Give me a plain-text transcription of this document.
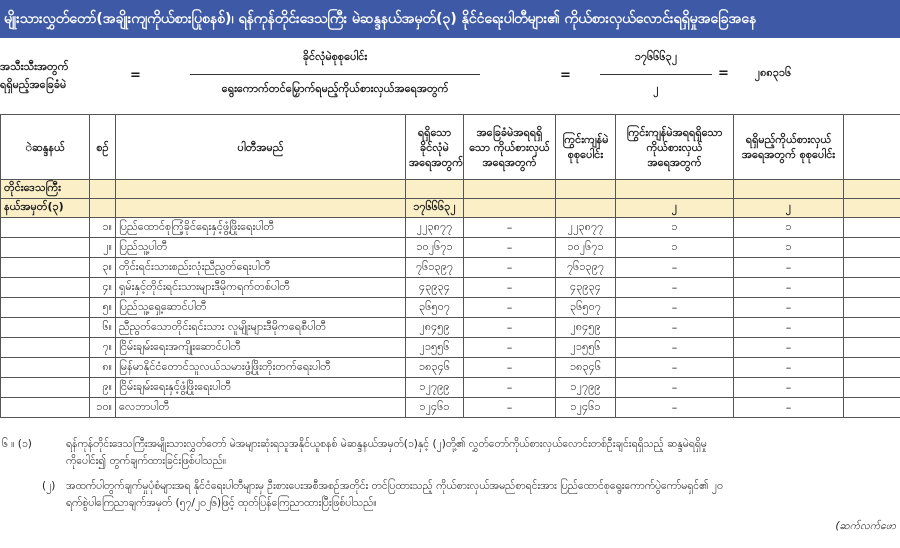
မျိုးသားလွှတ်တော်(အချိုးကျကိုယ်စားပြုစနစ်)၊ ရန်ကုန်တိုင်းဒေသကြီး မဲဆန္ဒနယ်အမှတ်(၃) နိုင်ငံရေးပါတီများ၏ ကိုယ်စားလှယ်လောင်းရရှိမှုအခြေအနေ
အသီးသီးအတွက်
ရရှိမည့်အခြေခံမဲ
=
ခိုင်လုံမဲစုစုပေါင်း
ရွေးကောက်တင်မြှောက်ရမည့်ကိုယ်စားလှယ်အရေအတွက်
=
၁၇၆၆၆၃၂
၂
=	၂၈၈၃၁၆
ဲဆန္ဒနယ်	စဉ်	ပါတီအမည်	ရရှိသော ခိုင်လုံမဲ အရေအတွက်	အခြေခံမဲအရရရှိသော ကိုယ်စားလှယ် အရေအတွက်	ကြွင်းကျန်မဲ စုစုပေါင်း	ကြွင်းကျန်မဲအရရရှိသော ကိုယ်စားလှယ် အရေအတွက်	ရရှိမည့်ကိုယ်စားလှယ် အရေအတွက် စုစုပေါင်း	
တိုင်းဒေသကြီး								
နယ်အမှတ်(၃)			၁၇၆၆၆၃၂			၂	၂	
	၁။	ပြည်ထောင်စုကြံ့ခိုင်ရေးနှင့်ဖွံ့ဖြိုးရေးပါတီ	၂၂၃၈၇၇	–	၂၂၃၈၇၇	၁	၁	
	၂။	ပြည်သူ့ပါတီ	၁၀၂၆၇၁	–	၁၀၂၆၇၁	၁	၁	
	၃။	တိုင်းရင်းသားစည်းလုံးညီညွတ်ရေးပါတီ	၇၆၁၃၉၇	–	၇၆၁၃၉၇	–	–	
	၄။	ရှမ်းနှင့်တိုင်းရင်းသားများဒီမိုကရက်တစ်ပါတီ	၄၃၉၃၄	–	၄၃၉၃၄	–	–	
	၅။	ပြည်သူ့ရှေ့ဆောင်ပါတီ	၃၆၅၀၇	–	၃၆၅၀၇	–	–	
	၆။	ညီညွတ်သောတိုင်းရင်းသား လူမျိုးများဒီမိုကရေစီပါတီ	၂၈၄၅၉	–	၂၈၄၅၉	–	–	
	၇။	ငြိမ်းချမ်းရေးအကျိုးဆောင်ပါတီ	၂၁၅၅၆	–	၂၁၅၅၆	–	–	
	၈။	မြန်မာနိုင်ငံတောင်သူလယ်သမားဖွံ့ဖြိုးတိုးတက်ရေးပါတီ	၁၈၃၄၆	–	၁၈၃၄၆	–	–	
	၉။	ငြိမ်းချမ်းရေးနှင့်ဖွံ့ဖြိုးရေးပါတီ	၁၂၇၉၉	–	၁၂၇၉၉	–	–	
	၁၀။	လေဘာပါတီ	၁၂၄၆၁	–	၁၂၄၆၁	–	–	
၆ ။ (၁)	ရန်ကုန်တိုင်းဒေသကြီးအမျိုးသားလွှတ်တော် မဲအများဆုံးရသူအနိုင်ယူစနစ် မဲဆန္ဒနယ်အမှတ်(၁)နှင့် (၂)တို့၏ လွှတ်တော်ကိုယ်စားလှယ်လောင်းတစ်ဦးချင်းရရှိသည့် ဆန္ဒမဲရရှိမှု
ကိုပေါင်း၍ တွက်ချက်ထားခြင်းဖြစ်ပါသည်။
(၂) အထက်ပါတွက်ချက်မှုပုံစံများအရ နိုင်ငံရေးပါတီများမှ ဦးစားပေးအစီအစဉ်အတိုင်း တင်ပြထားသည့် ကိုယ်စားလှယ်အမည်စာရင်းအား ပြည်ထောင်စုရွေးကောက်ပွဲကော်မရှင်၏ ၂၀
ရက်စွဲပါကြေညာချက်အမှတ် (၅၇/၂၀၂၆)ဖြင့် ထုတ်ပြန်ကြေညာထားပြီးဖြစ်ပါသည်။
(ဆက်လက်ဖော
